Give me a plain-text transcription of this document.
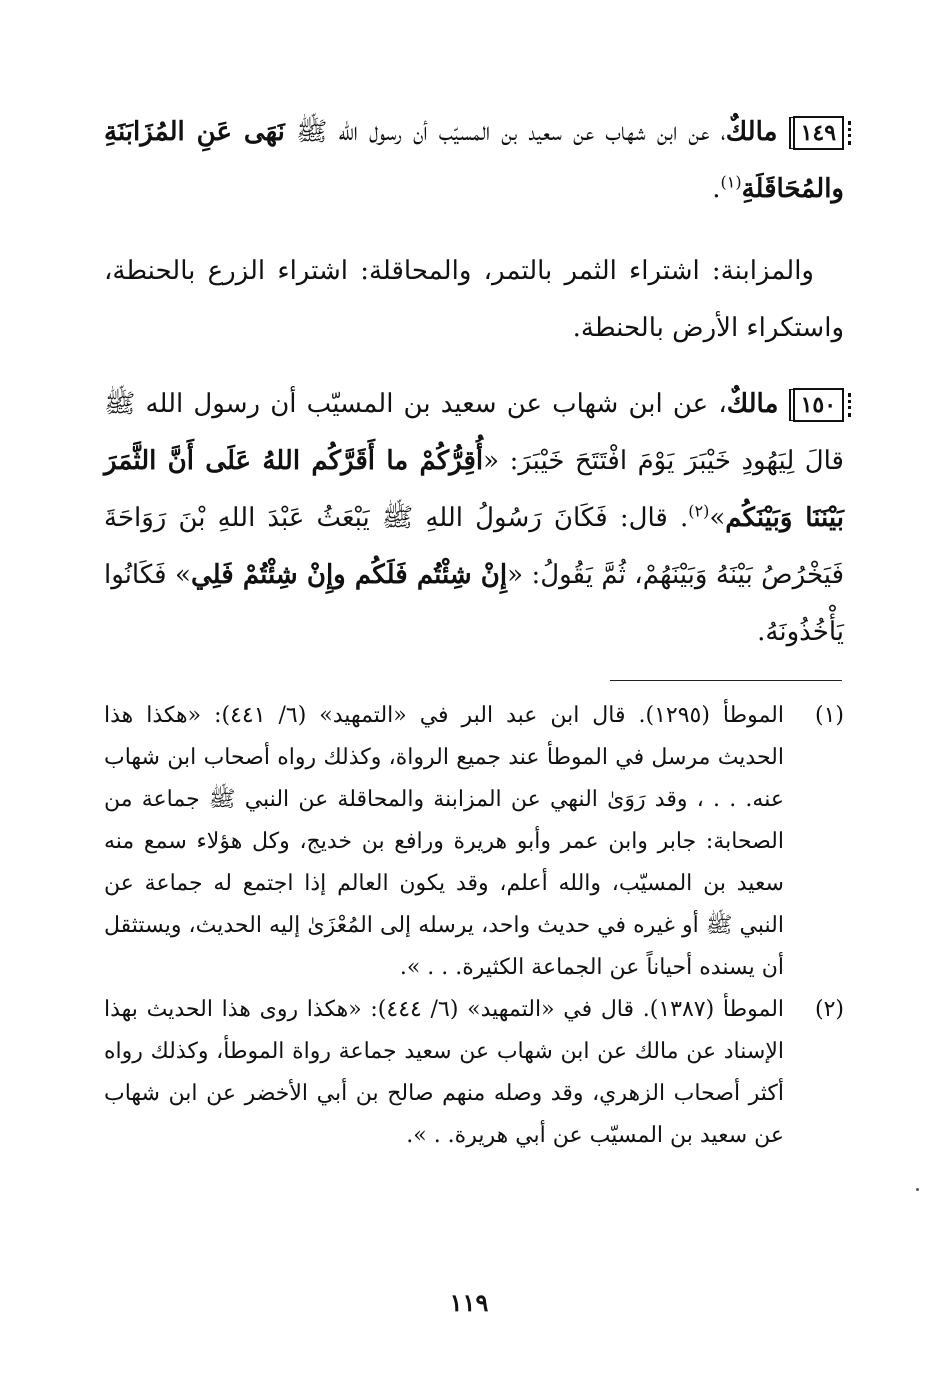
١٤٩ مالكٌ، عن ابن شهاب عن سعيد بن المسيّب أن رسول الله ﷺ نَهَى عَنِ المُزَابَنَةِ والمُحَاقَلَةِ$^{(١)}$.

والمزابنة: اشتراء الثمر بالتمر، والمحاقلة: اشتراء الزرع بالحنطة، واستكراء الأرض بالحنطة.

١٥٠ مالكٌ، عن ابن شهاب عن سعيد بن المسيّب أن رسول الله ﷺ قالَ لِيَهُودِ خَيْبَرَ يَوْمَ افْتَتَحَ خَيْبَرَ: «أُقِرُّكُمْ ما أَقَرَّكُم اللهُ عَلَى أَنَّ الثَّمَرَ بَيْنَنَا وَبَيْنَكُم»$^{(٢)}$. قال: فَكَانَ رَسُولُ اللهِ ﷺ يَبْعَثُ عَبْدَ اللهِ بْنَ رَوَاحَةَ فَيَخْرُصُ بَيْنَهُ وَبَيْنَهُمْ، ثُمَّ يَقُولُ: «إِنْ شِئْتُم فَلَكُم وإِنْ شِئْتُمْ فَلِي» فَكَانُوا يَأْخُذُونَهُ.

(١)

الموطأ (١٢٩٥). قال ابن عبد البر في «التمهيد» (٦/ ٤٤١): «هكذا هذا الحديث مرسل في الموطأ عند جميع الرواة، وكذلك رواه أصحاب ابن شهاب عنه. . . ، وقد رَوَىٰ النهي عن المزابنة والمحاقلة عن النبي ﷺ جماعة من الصحابة: جابر وابن عمر وأبو هريرة ورافع بن خديج، وكل هؤلاء سمع منه سعيد بن المسيّب، والله أعلم، وقد يكون العالم إذا اجتمع له جماعة عن النبي ﷺ أو غيره في حديث واحد، يرسله إلى المُعْزَىٰ إليه الحديث، ويستثقل أن يسنده أحياناً عن الجماعة الكثيرة. . . ».

(٢)

الموطأ (١٣٨٧). قال في «التمهيد» (٦/ ٤٤٤): «هكذا روى هذا الحديث بهذا الإسناد عن مالك عن ابن شهاب عن سعيد جماعة رواة الموطأ، وكذلك رواه أكثر أصحاب الزهري، وقد وصله منهم صالح بن أبي الأخضر عن ابن شهاب عن سعيد بن المسيّب عن أبي هريرة. . ».

١١٩
